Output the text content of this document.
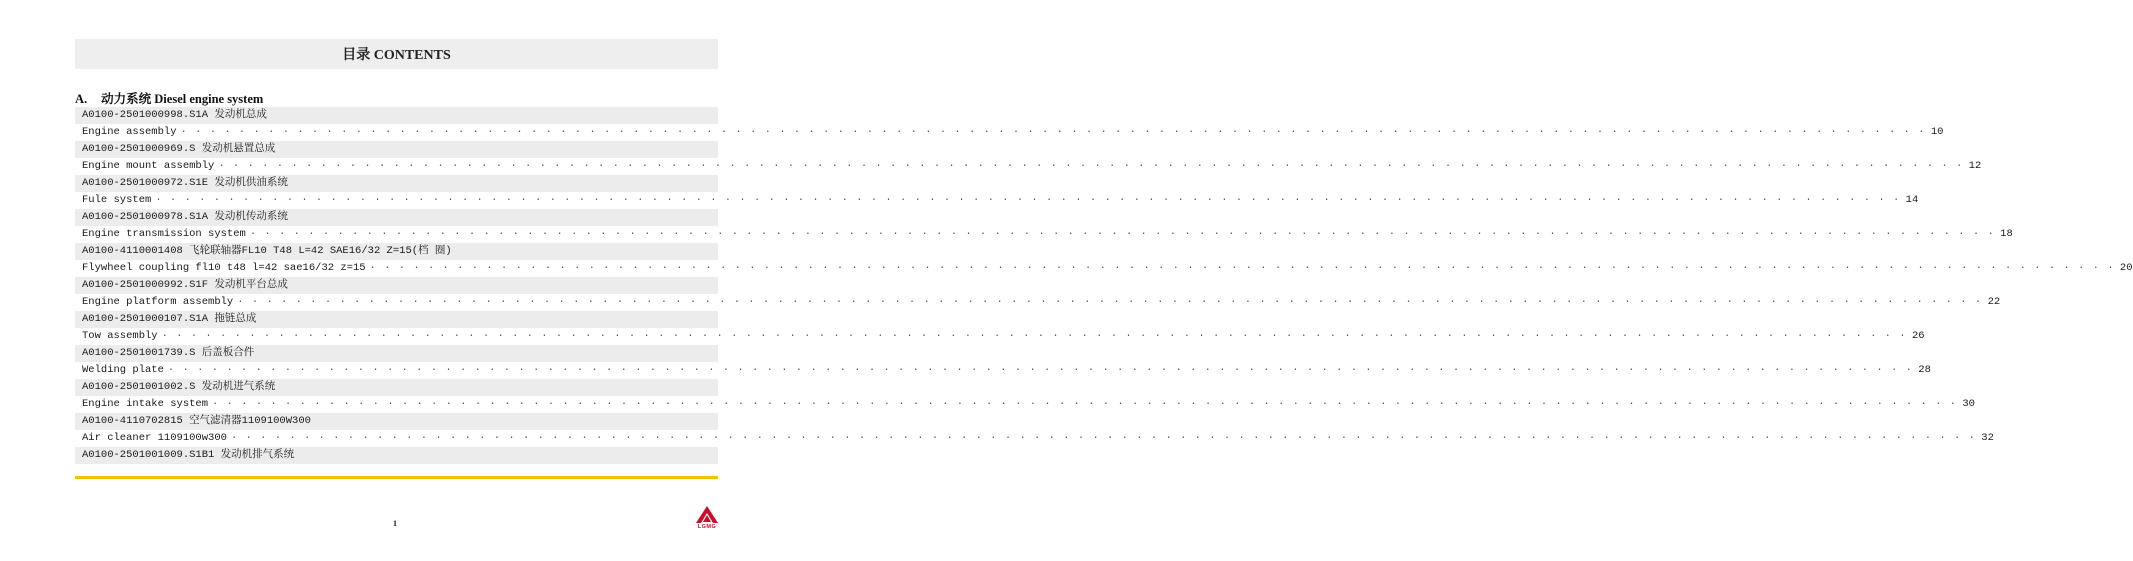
目录 CONTENTS
A. 动力系统 Diesel engine system
A0100-2501000998.S1A 发动机总成
Engine assembly · · · · · · · · · · · · · · · · · · · · · · · · · · · · · · · · · · · · · · · · · · · · · · · · · · · · · · · · · · · · · · · · · · · · · · · · · · · · · · · · · · · · · · · · · · · · · · · · · · · · · · · · · · · · · · · · · · · · · · · · 10
A0100-2501000969.S 发动机悬置总成
Engine mount assembly · · · · · · · · · · · · · · · · · · · · · · · · · · · · · · · · · · · · · · · · · · · · · · · · · · · · · · · · · · · · · · · · · · · · · · · · · · · · · · · · · · · · · · · · · · · · · · · · · · · · · · · · · · · · · · · · · · · · · · · · 12
A0100-2501000972.S1E 发动机供油系统
Fule system · · · · · · · · · · · · · · · · · · · · · · · · · · · · · · · · · · · · · · · · · · · · · · · · · · · · · · · · · · · · · · · · · · · · · · · · · · · · · · · · · · · · · · · · · · · · · · · · · · · · · · · · · · · · · · · · · · · · · · · · 14
A0100-2501000978.S1A 发动机传动系统
Engine transmission system · · · · · · · · · · · · · · · · · · · · · · · · · · · · · · · · · · · · · · · · · · · · · · · · · · · · · · · · · · · · · · · · · · · · · · · · · · · · · · · · · · · · · · · · · · · · · · · · · · · · · · · · · · · · · · · · · · · · · · · · 18
A0100-4110001408 飞轮联轴器FL10 T48 L=42 SAE16/32 Z=15(档 圈)
Flywheel coupling fl10 t48 l=42 sae16/32 z=15 · · · · · · · · · · · · · · · · · · · · · · · · · · · · · · · · · · · · · · · · · · · · · · · · · · · · · · · · · · · · · · · · · · · · · · · · · · · · · · · · · · · · · · · · · · · · · · · · · · · · · · · · · · · · · · · · · · · · · · · · 20
A0100-2501000992.S1F 发动机平台总成
Engine platform assembly · · · · · · · · · · · · · · · · · · · · · · · · · · · · · · · · · · · · · · · · · · · · · · · · · · · · · · · · · · · · · · · · · · · · · · · · · · · · · · · · · · · · · · · · · · · · · · · · · · · · · · · · · · · · · · · · · · · · · · · · 22
A0100-2501000107.S1A 拖链总成
Tow assembly · · · · · · · · · · · · · · · · · · · · · · · · · · · · · · · · · · · · · · · · · · · · · · · · · · · · · · · · · · · · · · · · · · · · · · · · · · · · · · · · · · · · · · · · · · · · · · · · · · · · · · · · · · · · · · · · · · · · · · · · 26
A0100-2501001739.S 后盖板合件
Welding plate · · · · · · · · · · · · · · · · · · · · · · · · · · · · · · · · · · · · · · · · · · · · · · · · · · · · · · · · · · · · · · · · · · · · · · · · · · · · · · · · · · · · · · · · · · · · · · · · · · · · · · · · · · · · · · · · · · · · · · · · 28
A0100-2501001002.S 发动机进气系统
Engine intake system · · · · · · · · · · · · · · · · · · · · · · · · · · · · · · · · · · · · · · · · · · · · · · · · · · · · · · · · · · · · · · · · · · · · · · · · · · · · · · · · · · · · · · · · · · · · · · · · · · · · · · · · · · · · · · · · · · · · · · · · 30
A0100-4110702815 空气滤清器1109100W300
Air cleaner 1109100w300 · · · · · · · · · · · · · · · · · · · · · · · · · · · · · · · · · · · · · · · · · · · · · · · · · · · · · · · · · · · · · · · · · · · · · · · · · · · · · · · · · · · · · · · · · · · · · · · · · · · · · · · · · · · · · · · · · · · · · · · · 32
A0100-2501001009.S1B1 发动机排气系统
1	LGMG
